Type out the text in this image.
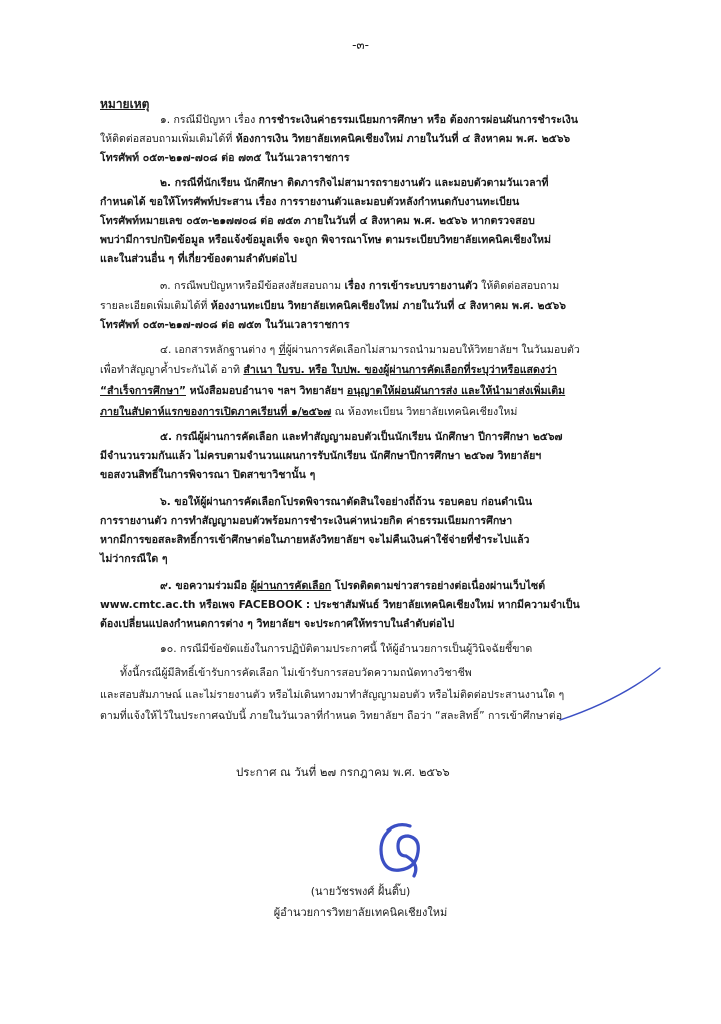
-๓-
หมายเหตุ
๑. กรณีมีปัญหา เรื่อง การชำระเงินค่าธรรมเนียมการศึกษา หรือ ต้องการผ่อนผันการชำระเงิน
ให้ติดต่อสอบถามเพิ่มเติมได้ที่ ห้องการเงิน วิทยาลัยเทคนิคเชียงใหม่ ภายในวันที่ ๔ สิงหาคม พ.ศ. ๒๕๖๖
โทรศัพท์ ๐๕๓-๒๑๗-๗๐๘ ต่อ ๗๓๕ ในวันเวลาราชการ
๒. กรณีที่นักเรียน นักศึกษา ติดภารกิจไม่สามารถรายงานตัว และมอบตัวตามวันเวลาที่
กำหนดได้ ขอให้โทรศัพท์ประสาน เรื่อง การรายงานตัวและมอบตัวหลังกำหนดกับงานทะเบียน
โทรศัพท์หมายเลข ๐๕๓-๒๑๗๗๐๘ ต่อ ๗๕๓ ภายในวันที่ ๔ สิงหาคม พ.ศ. ๒๕๖๖ หากตรวจสอบ
พบว่ามีการปกปิดข้อมูล หรือแจ้งข้อมูลเท็จ จะถูก พิจารณาโทษ ตามระเบียบวิทยาลัยเทคนิคเชียงใหม่
และในส่วนอื่น ๆ ที่เกี่ยวข้องตามลำดับต่อไป
๓. กรณีพบปัญหาหรือมีข้อสงสัยสอบถาม เรื่อง การเข้าระบบรายงานตัว ให้ติดต่อสอบถาม
รายละเอียดเพิ่มเติมได้ที่ ห้องงานทะเบียน วิทยาลัยเทคนิคเชียงใหม่ ภายในวันที่ ๔ สิงหาคม พ.ศ. ๒๕๖๖
โทรศัพท์ ๐๕๓-๒๑๗-๗๐๘ ต่อ ๗๕๓ ในวันเวลาราชการ
๔. เอกสารหลักฐานต่าง ๆ ที่ผู้ผ่านการคัดเลือกไม่สามารถนำมามอบให้วิทยาลัยฯ ในวันมอบตัว
เพื่อทำสัญญาค้ำประกันได้ อาทิ สำเนา ใบรบ. หรือ ใบปพ. ของผู้ผ่านการคัดเลือกที่ระบุว่าหรือแสดงว่า
“สำเร็จการศึกษา” หนังสือมอบอำนาจ ฯลฯ วิทยาลัยฯ อนุญาตให้ผ่อนผันการส่ง และให้นำมาส่งเพิ่มเติม
ภายในสัปดาห์แรกของการเปิดภาคเรียนที่ ๑/๒๕๖๗ ณ ห้องทะเบียน วิทยาลัยเทคนิคเชียงใหม่
๕. กรณีผู้ผ่านการคัดเลือก และทำสัญญามอบตัวเป็นนักเรียน นักศึกษา ปีการศึกษา ๒๕๖๗
มีจำนวนรวมกันแล้ว ไม่ครบตามจำนวนแผนการรับนักเรียน นักศึกษาปีการศึกษา ๒๕๖๗ วิทยาลัยฯ
ขอสงวนสิทธิ์ในการพิจารณา ปิดสาขาวิชานั้น ๆ
๖. ขอให้ผู้ผ่านการคัดเลือกโปรดพิจารณาตัดสินใจอย่างถี่ถ้วน รอบคอบ ก่อนดำเนิน
การรายงานตัว การทำสัญญามอบตัวพร้อมการชำระเงินค่าหน่วยกิต ค่าธรรมเนียมการศึกษา
หากมีการขอสละสิทธิ์การเข้าศึกษาต่อในภายหลังวิทยาลัยฯ จะไม่คืนเงินค่าใช้จ่ายที่ชำระไปแล้ว
ไม่ว่ากรณีใด ๆ
๙. ขอความร่วมมือ ผู้ผ่านการคัดเลือก โปรดติดตามข่าวสารอย่างต่อเนื่องผ่านเว็บไซต์
www.cmtc.ac.th หรือเพจ FACEBOOK : ประชาสัมพันธ์ วิทยาลัยเทคนิคเชียงใหม่ หากมีความจำเป็น
ต้องเปลี่ยนแปลงกำหนดการต่าง ๆ วิทยาลัยฯ จะประกาศให้ทราบในลำดับต่อไป
๑๐. กรณีมีข้อขัดแย้งในการปฏิบัติตามประกาศนี้ ให้ผู้อำนวยการเป็นผู้วินิจฉัยชี้ขาด
ทั้งนี้กรณีผู้มีสิทธิ์เข้ารับการคัดเลือก ไม่เข้ารับการสอบวัดความถนัดทางวิชาชีพ
และสอบสัมภาษณ์ และไม่รายงานตัว หรือไม่เดินทางมาทำสัญญามอบตัว หรือไม่ติดต่อประสานงานใด ๆ
ตามที่แจ้งให้ไว้ในประกาศฉบับนี้ ภายในวันเวลาที่กำหนด วิทยาลัยฯ ถือว่า “สละสิทธิ์” การเข้าศึกษาต่อ
ประกาศ ณ วันที่ ๒๗ กรกฎาคม พ.ศ. ๒๕๖๖
(นายวัชรพงศ์ ฝั้นติ๊บ)
ผู้อำนวยการวิทยาลัยเทคนิคเชียงใหม่
